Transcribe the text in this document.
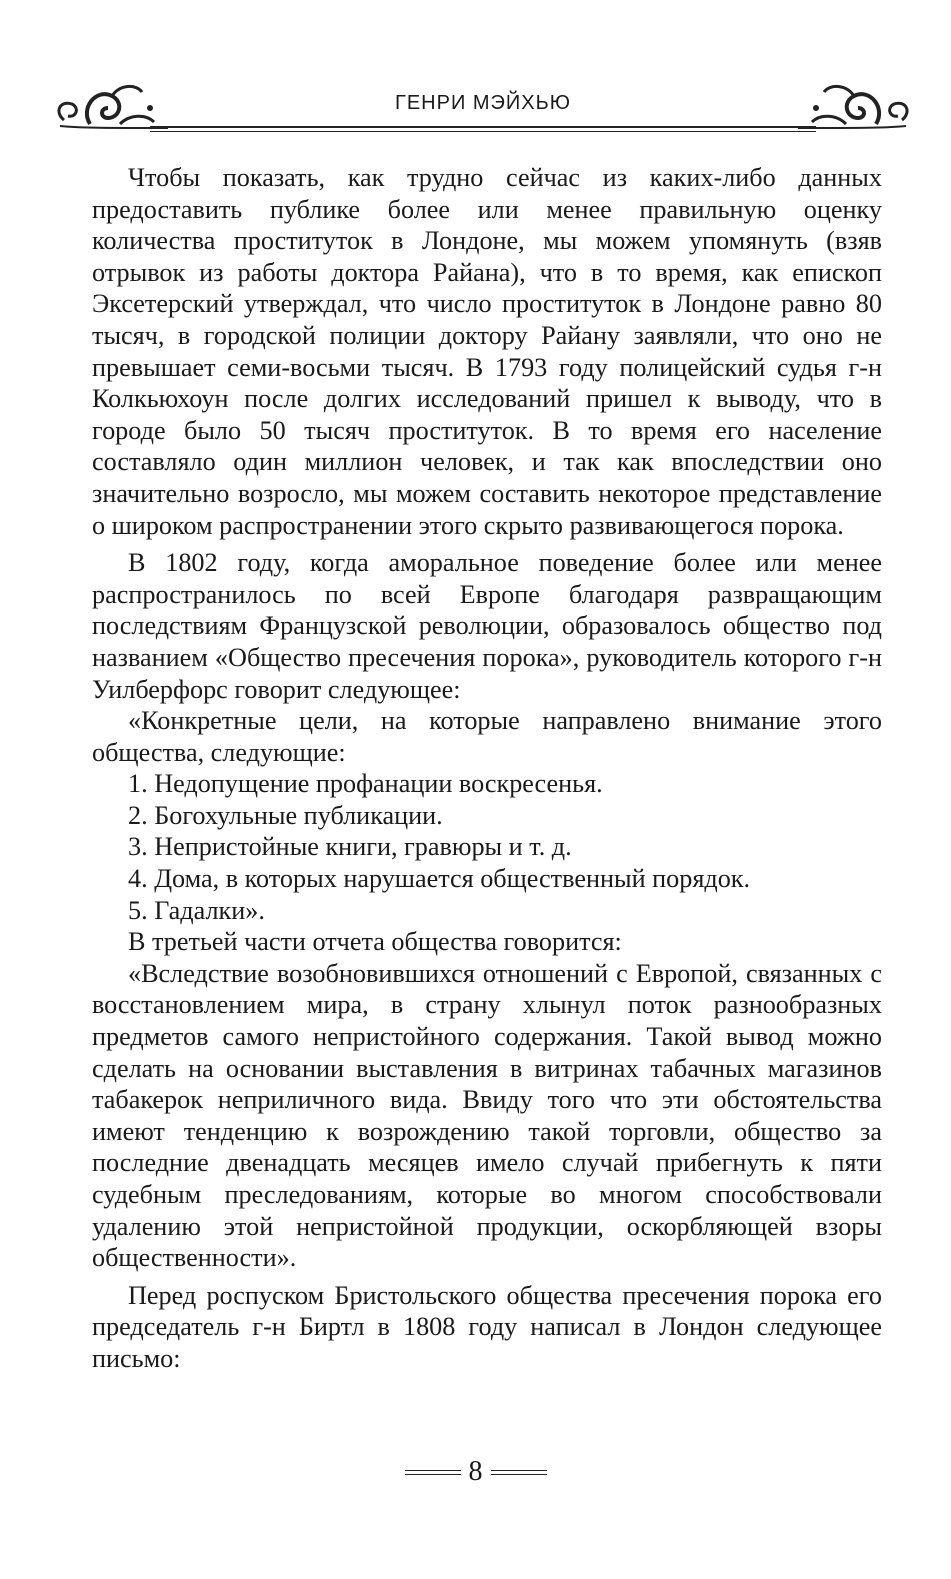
ГЕНРИ МЭЙХЬЮ

Чтобы показать, как трудно сейчас из каких-либо данных предоставить публике более или менее правильную оценку количества проституток в Лондоне, мы можем упомянуть (взяв отрывок из работы доктора Райана), что в то время, как епископ Эксетерский утверждал, что число проституток в Лондоне равно 80 тысяч, в городской полиции доктору Райану заявляли, что оно не превышает семи-восьми тысяч. В 1793 году полицейский судья г-н Колкьюхоун после долгих исследований пришел к выводу, что в городе было 50 тысяч проституток. В то время его население составляло один миллион человек, и так как впоследствии оно значительно возросло, мы можем составить некоторое представление о широком распространении этого скрыто развивающегося порока.

В 1802 году, когда аморальное поведение более или менее распространилось по всей Европе благодаря развращающим последствиям Французской революции, образовалось общество под названием «Общество пресечения порока», руководитель которого г-н Уилберфорс говорит следующее:

«Конкретные цели, на которые направлено внимание этого общества, следующие:

1. Недопущение профанации воскресенья.

2. Богохульные публикации.

3. Непристойные книги, гравюры и т. д.

4. Дома, в которых нарушается общественный порядок.

5. Гадалки».

В третьей части отчета общества говорится:

«Вследствие возобновившихся отношений с Европой, связанных с восстановлением мира, в страну хлынул поток разнообразных предметов самого непристойного содержания. Такой вывод можно сделать на основании выставления в витринах табачных магазинов табакерок неприличного вида. Ввиду того что эти обстоятельства имеют тенденцию к возрождению такой торговли, общество за последние двенадцать месяцев имело случай прибегнуть к пяти судебным преследованиям, которые во многом способствовали удалению этой непристойной продукции, оскорбляющей взоры общественности».

Перед роспуском Бристольского общества пресечения порока его председатель г-н Биртл в 1808 году написал в Лондон следующее письмо:

8
